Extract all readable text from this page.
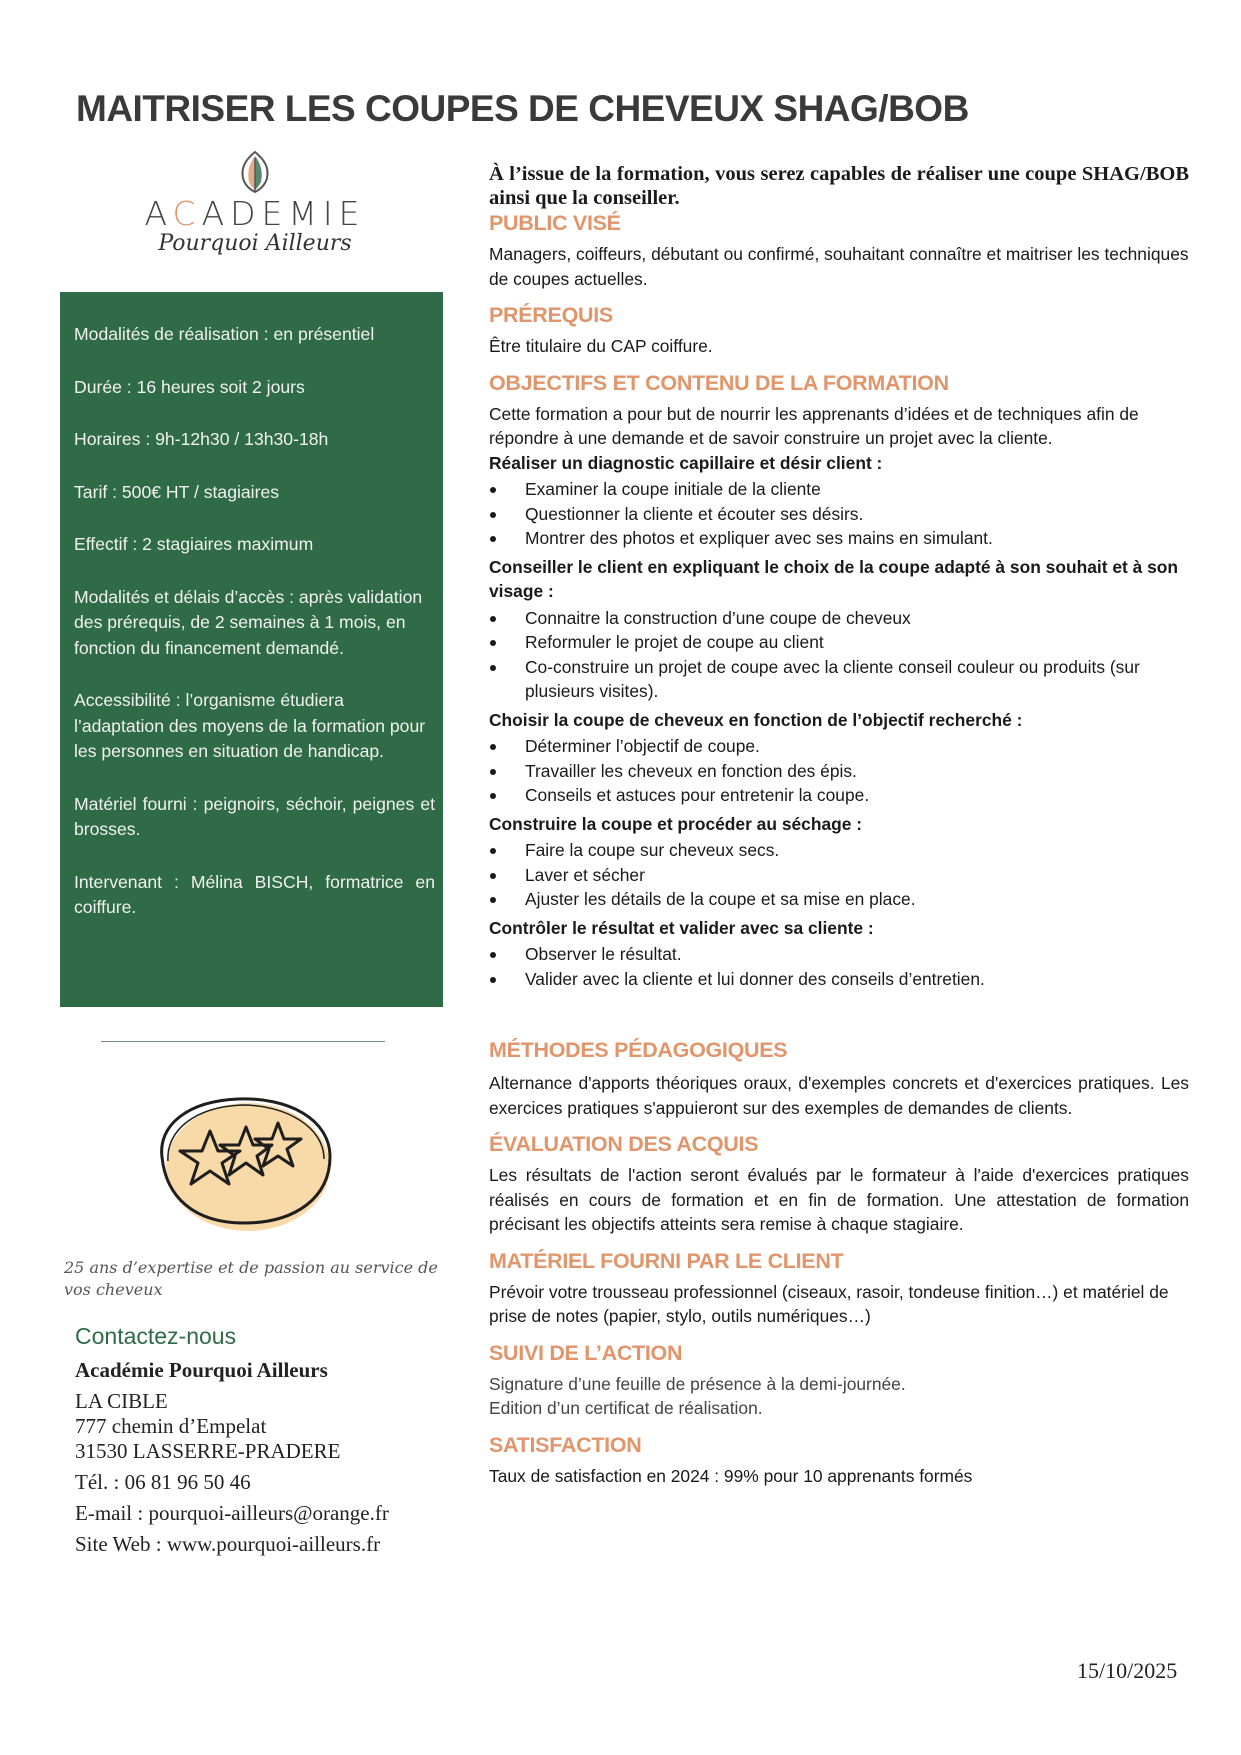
MAITRISER LES COUPES DE CHEVEUX SHAG/BOB
ACADEMIE
Pourquoi Ailleurs

Modalités de réalisation : en présentiel

Durée : 16 heures soit 2 jours

Horaires : 9h-12h30 / 13h30-18h

Tarif : 500€ HT / stagiaires

Effectif : 2 stagiaires maximum

Modalités et délais d’accès : après validation des prérequis, de 2 semaines à 1 mois, en fonction du financement demandé.

Accessibilité : l’organisme étudiera l’adaptation des moyens de la formation pour les personnes en situation de handicap.

Matériel fourni : peignoirs, séchoir, peignes et brosses.

Intervenant : Mélina BISCH, formatrice en coiffure.

25 ans d’expertise et de passion au service de vos cheveux
Contactez-nous
Académie Pourquoi Ailleurs
LA CIBLE
777 chemin d’Empelat
31530 LASSERRE-PRADERE
Tél. : 06 81 96 50 46
E-mail : pourquoi-ailleurs@orange.fr
Site Web : www.pourquoi-ailleurs.fr

À l’issue de la formation, vous serez capables de réaliser une coupe SHAG/BOB ainsi que la conseiller.

PUBLIC VISÉ

Managers, coiffeurs, débutant ou confirmé, souhaitant connaître et maitriser les techniques de coupes actuelles.

PRÉREQUIS

Être titulaire du CAP coiffure.

OBJECTIFS ET CONTENU DE LA FORMATION

Cette formation a pour but de nourrir les apprenants d’idées et de techniques afin de répondre à une demande et de savoir construire un projet avec la cliente.

Réaliser un diagnostic capillaire et désir client :

Examiner la coupe initiale de la cliente
Questionner la cliente et écouter ses désirs.
Montrer des photos et expliquer avec ses mains en simulant.

Conseiller le client en expliquant le choix de la coupe adapté à son souhait et à son visage :

Connaitre la construction d’une coupe de cheveux
Reformuler le projet de coupe au client
Co-construire un projet de coupe avec la cliente conseil couleur ou produits (sur plusieurs visites).

Choisir la coupe de cheveux en fonction de l’objectif recherché :

Déterminer l’objectif de coupe.
Travailler les cheveux en fonction des épis.
Conseils et astuces pour entretenir la coupe.

Construire la coupe et procéder au séchage :

Faire la coupe sur cheveux secs.
Laver et sécher
Ajuster les détails de la coupe et sa mise en place.

Contrôler le résultat et valider avec sa cliente :

Observer le résultat.
Valider avec la cliente et lui donner des conseils d’entretien.
MÉTHODES PÉDAGOGIQUES

Alternance d'apports théoriques oraux, d'exemples concrets et d'exercices pratiques. Les exercices pratiques s'appuieront sur des exemples de demandes de clients.

ÉVALUATION DES ACQUIS

Les résultats de l'action seront évalués par le formateur à l'aide d'exercices pratiques réalisés en cours de formation et en fin de formation. Une attestation de formation précisant les objectifs atteints sera remise à chaque stagiaire.

MATÉRIEL FOURNI PAR LE CLIENT

Prévoir votre trousseau professionnel (ciseaux, rasoir, tondeuse finition…) et matériel de prise de notes (papier, stylo, outils numériques…)

SUIVI DE L’ACTION

Signature d’une feuille de présence à la demi-journée.

Edition d’un certificat de réalisation.

SATISFACTION

Taux de satisfaction en 2024 : 99% pour 10 apprenants formés

15/10/2025
